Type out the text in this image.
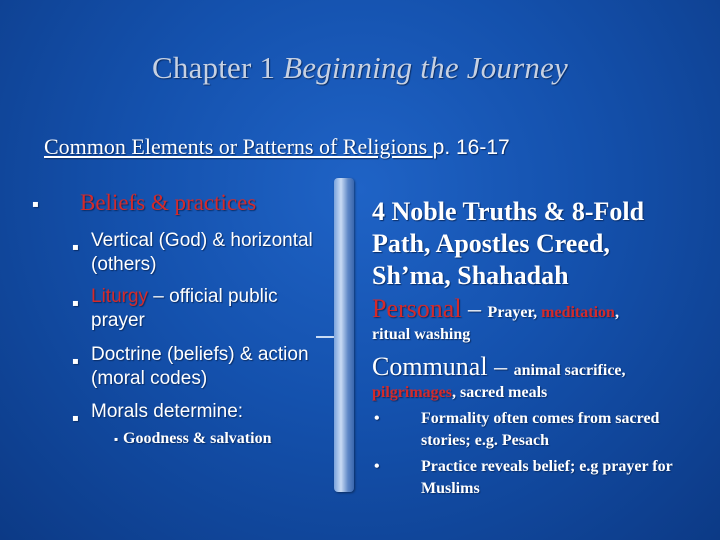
Chapter 1 Beginning the Journey
Common Elements or Patterns of Religions p. 16-17
▪ Beliefs & practices
▪ Vertical (God) & horizontal (others)
▪ Liturgy – official public prayer
▪ Doctrine (beliefs) & action (moral codes)
▪ Morals determine:
▪ Goodness & salvation
4 Noble Truths & 8-Fold Path, Apostles Creed, Sh’ma, Shahadah
Personal – Prayer, meditation,
ritual washing
Communal – animal sacrifice,
pilgrimages, sacred meals
•	Formality often comes from sacred stories; e.g. Pesach
•	Practice reveals belief; e.g prayer for Muslims
